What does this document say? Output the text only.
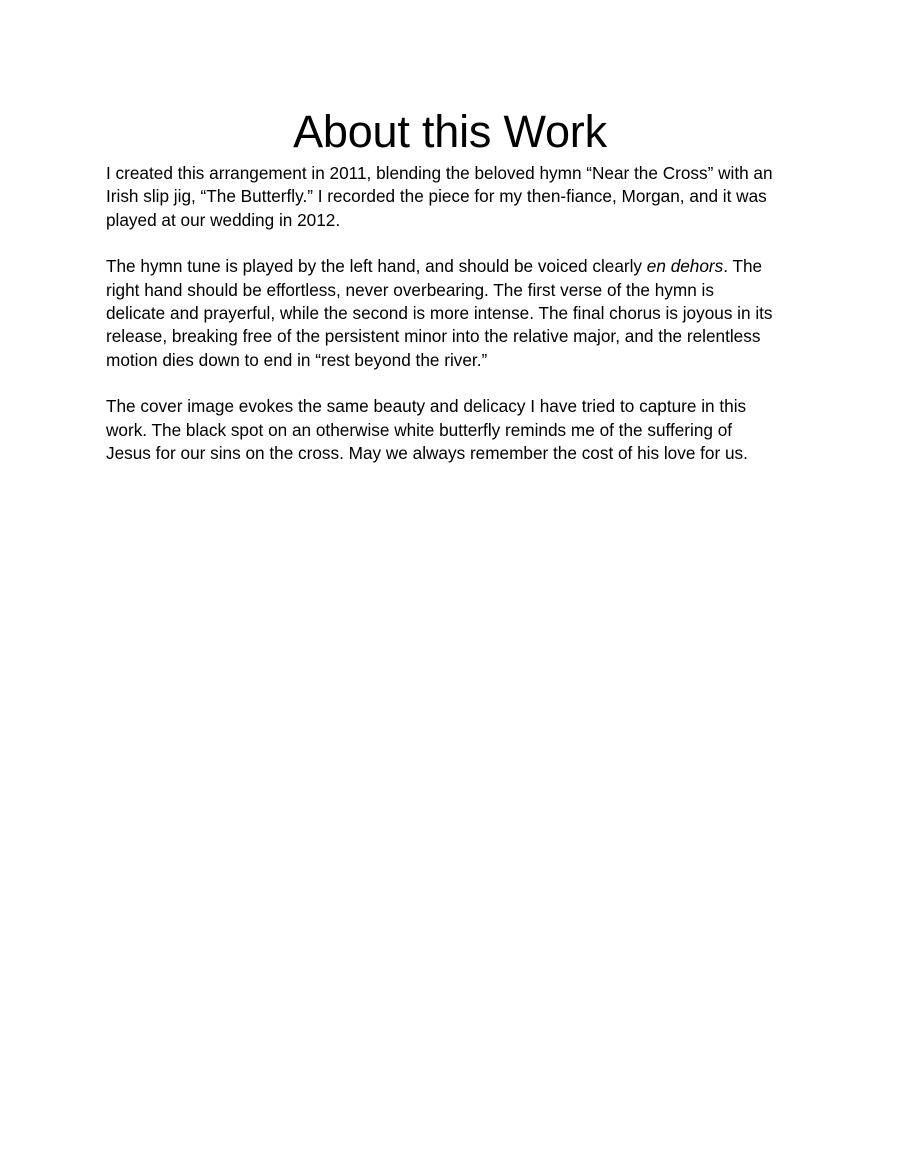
About this Work

I created this arrangement in 2011, blending the beloved hymn “Near the Cross” with an
Irish slip jig, “The Butterfly.” I recorded the piece for my then-fiance, Morgan, and it was
played at our wedding in 2012.

The hymn tune is played by the left hand, and should be voiced clearly en dehors. The
right hand should be effortless, never overbearing. The first verse of the hymn is
delicate and prayerful, while the second is more intense. The final chorus is joyous in its
release, breaking free of the persistent minor into the relative major, and the relentless
motion dies down to end in “rest beyond the river.”

The cover image evokes the same beauty and delicacy I have tried to capture in this
work. The black spot on an otherwise white butterfly reminds me of the suffering of
Jesus for our sins on the cross. May we always remember the cost of his love for us.
